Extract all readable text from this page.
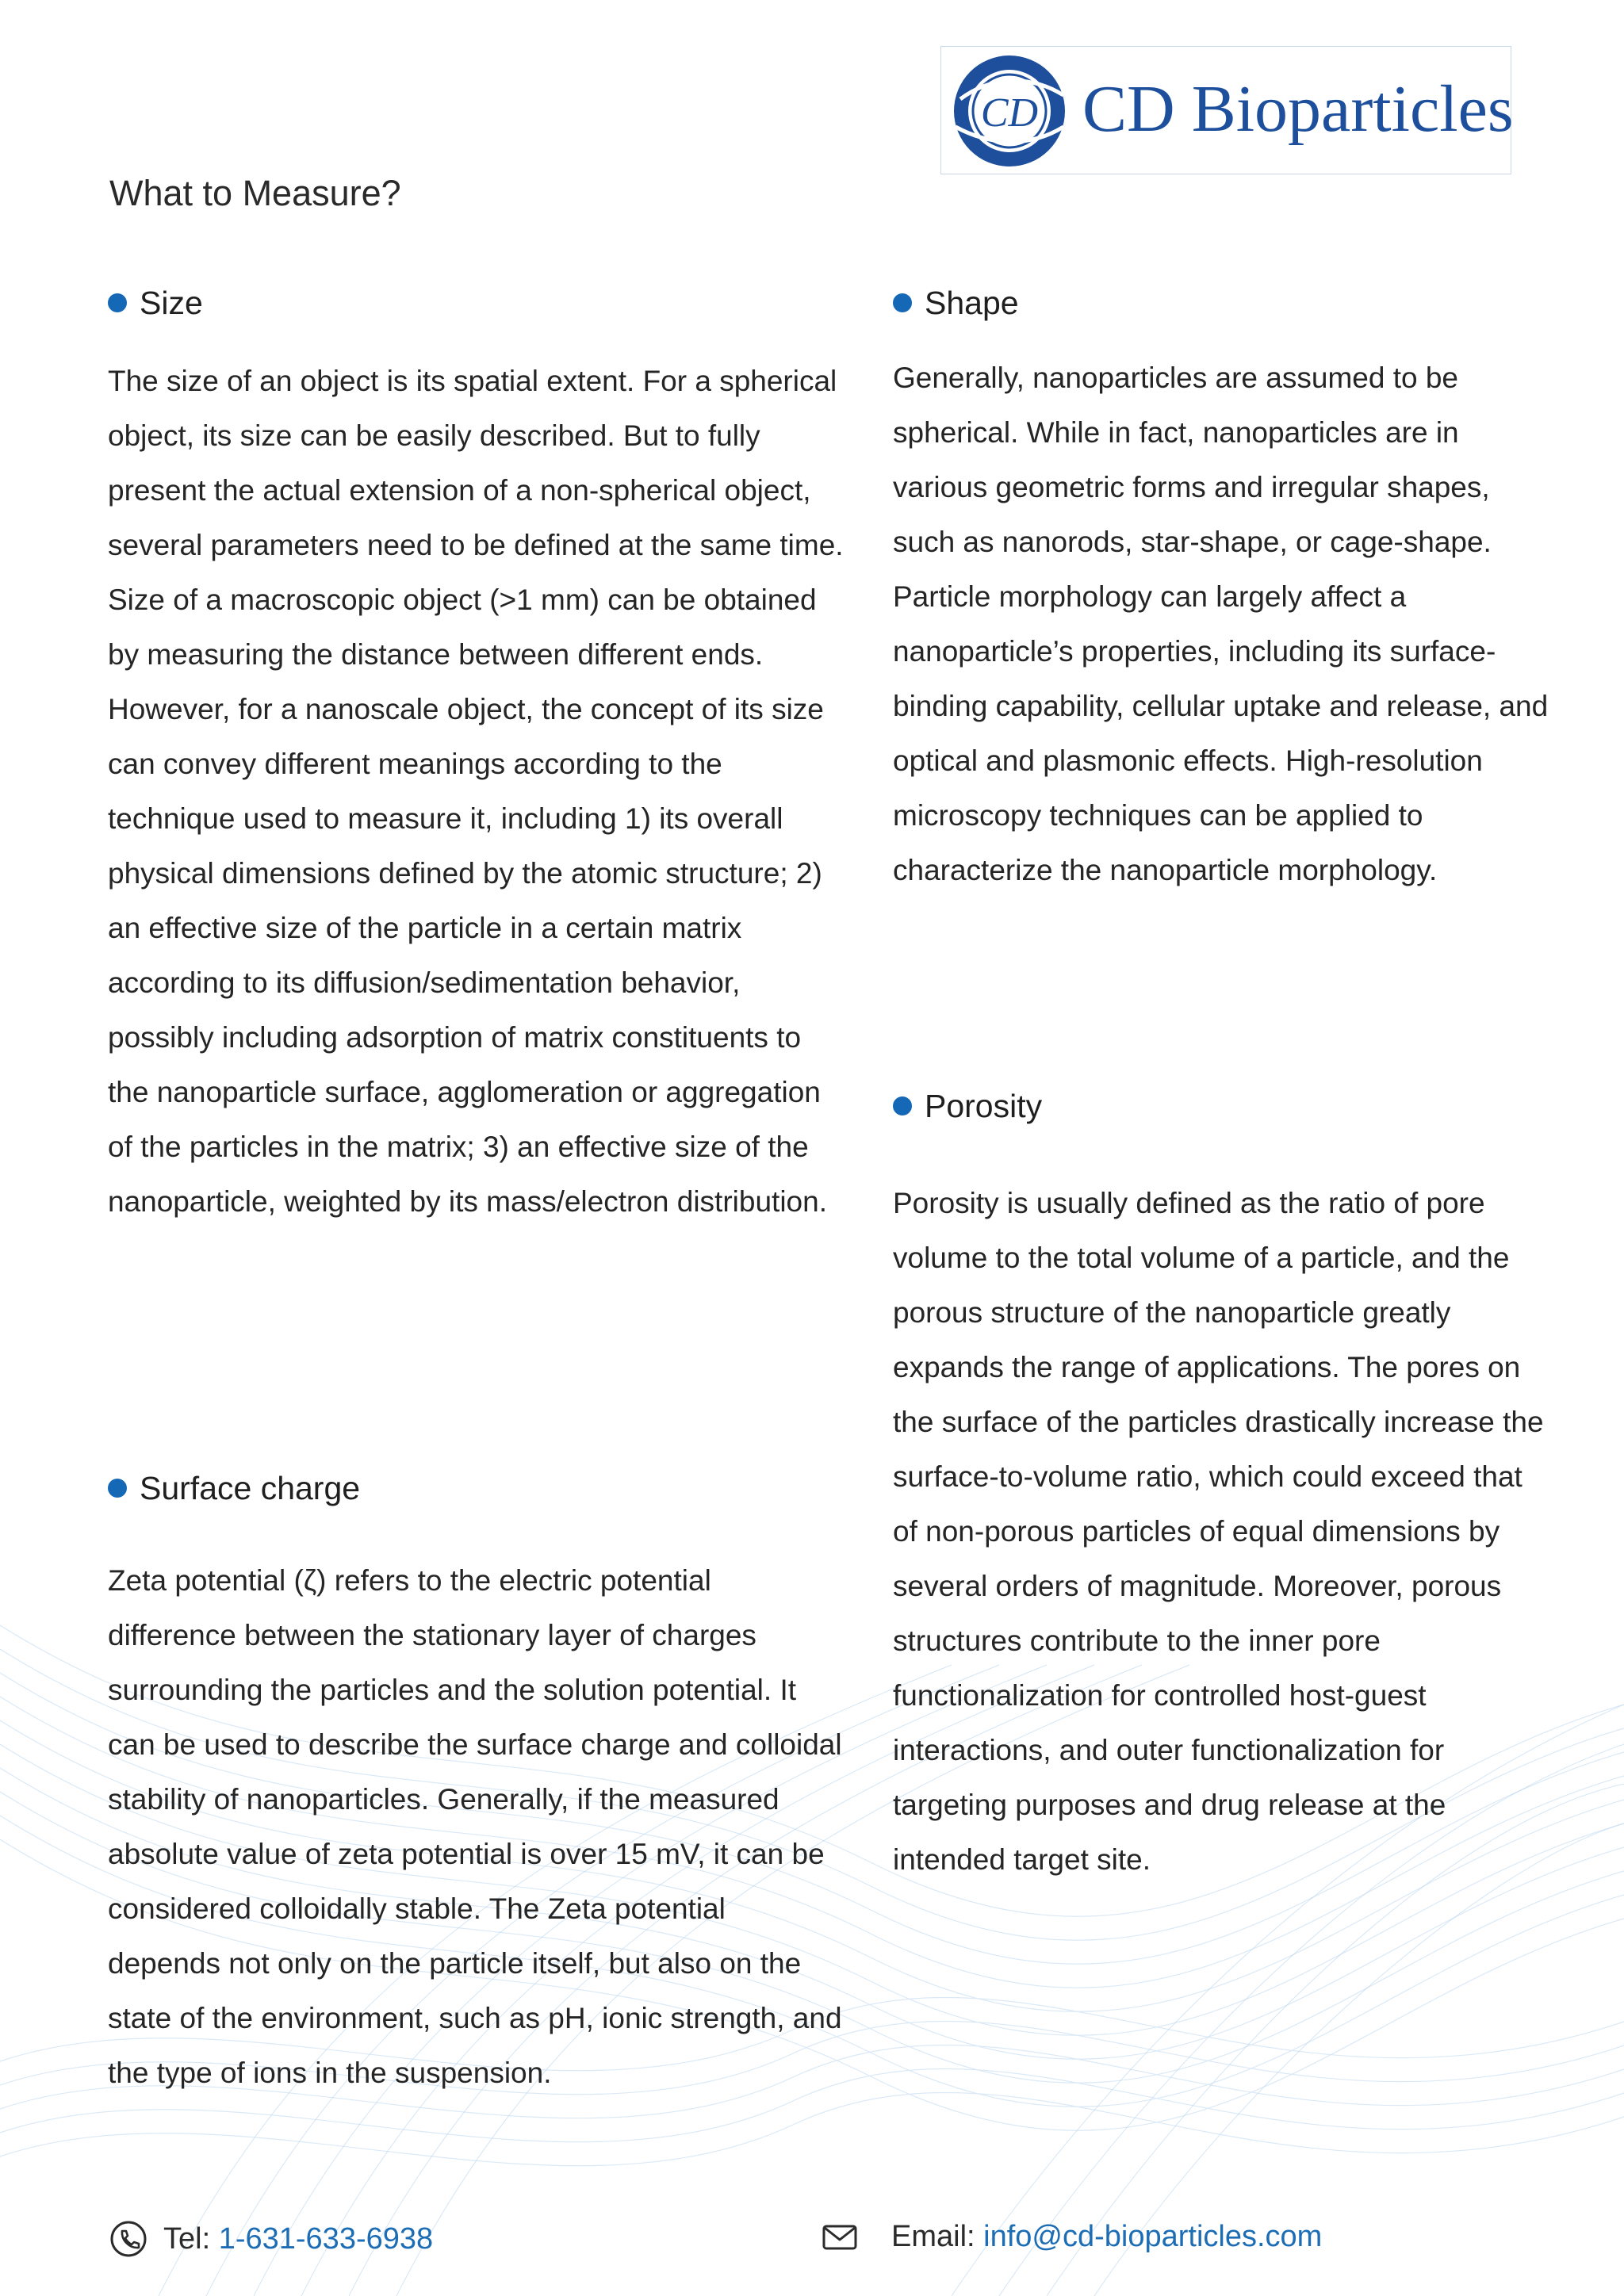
CD CD Bioparticles
What to Measure?
Size

The size of an object is its spatial extent. For a spherical object, its size can be easily described. But to fully present the actual extension of a non-spherical object, several parameters need to be defined at the same time. Size of a macroscopic object (>1 mm) can be obtained by measuring the distance between different ends. However, for a nanoscale object, the concept of its size can convey different meanings according to the technique used to measure it, including 1) its overall physical dimensions defined by the atomic structure; 2) an effective size of the particle in a certain matrix according to its diffusion/sedimentation behavior, possibly including adsorption of matrix constituents to the nanoparticle surface, agglomeration or aggregation of the particles in the matrix; 3) an effective size of the nanoparticle, weighted by its mass/electron distribution.

Shape

Generally, nanoparticles are assumed to be spherical. While in fact, nanoparticles are in various geometric forms and irregular shapes, such as nanorods, star-shape, or cage-shape. Particle morphology can largely affect a nanoparticle’s properties, including its surface-binding capability, cellular uptake and release, and optical and plasmonic effects. High-resolution microscopy techniques can be applied to characterize the nanoparticle morphology.

Porosity

Porosity is usually defined as the ratio of pore volume to the total volume of a particle, and the porous structure of the nanoparticle greatly expands the range of applications. The pores on the surface of the particles drastically increase the surface-to-volume ratio, which could exceed that of non-porous particles of equal dimensions by several orders of magnitude. Moreover, porous structures contribute to the inner pore functionalization for controlled host-guest interactions, and outer functionalization for targeting purposes and drug release at the intended target site.

Surface charge

Zeta potential (ζ) refers to the electric potential difference between the stationary layer of charges surrounding the particles and the solution potential. It can be used to describe the surface charge and colloidal stability of nanoparticles. Generally, if the measured absolute value of zeta potential is over 15 mV, it can be considered colloidally stable. The Zeta potential depends not only on the particle itself, but also on the state of the environment, such as pH, ionic strength, and the type of ions in the suspension.

Tel: 1-631-633-6938	Email: info@cd-bioparticles.com
